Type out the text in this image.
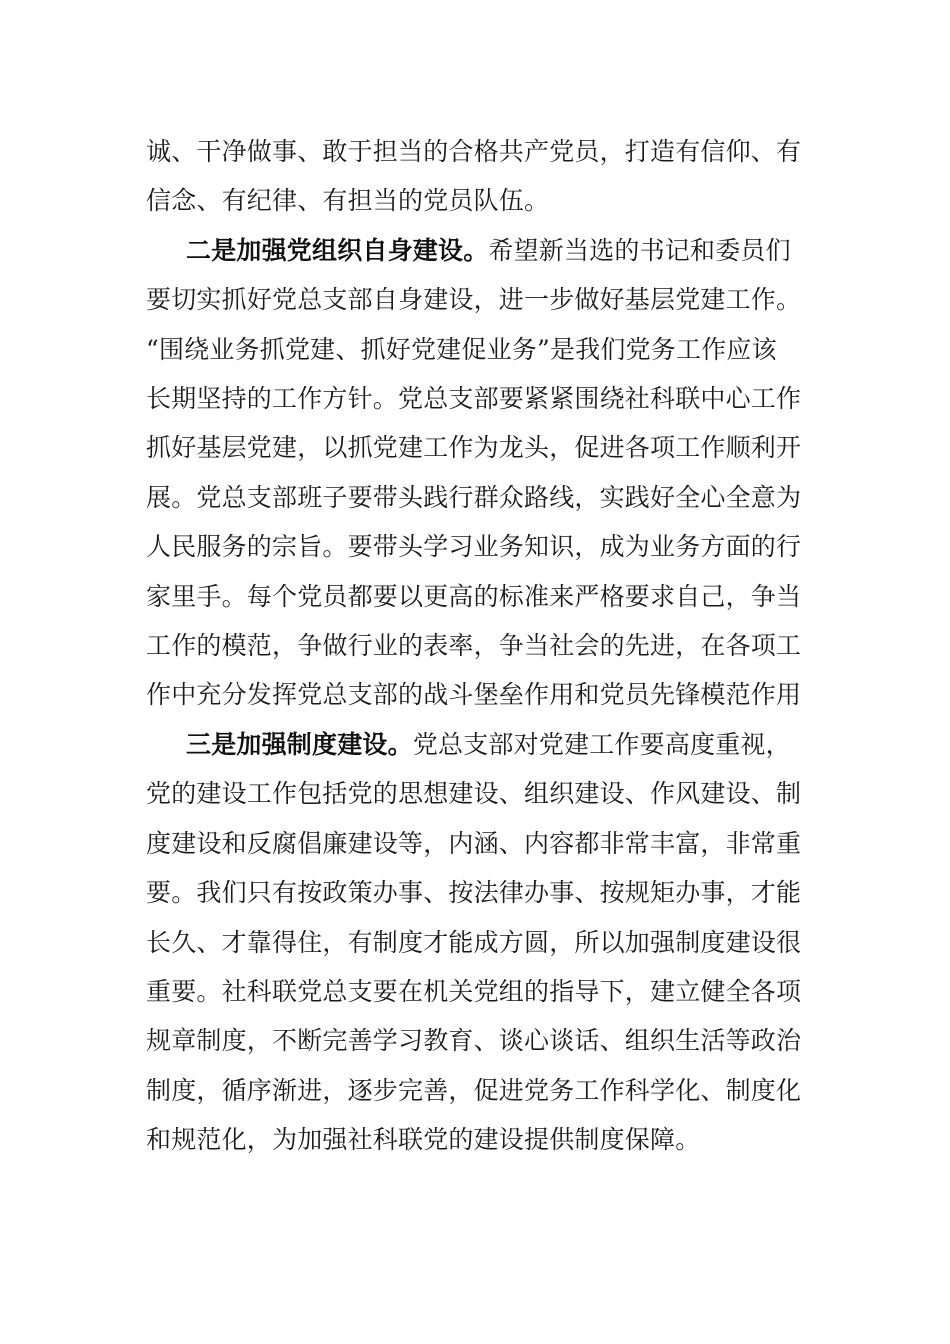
诚、干净做事、敢于担当的合格共产党员，打造有信仰、有
信念、有纪律、有担当的党员队伍。
二是加强党组织自身建设。希望新当选的书记和委员们
要切实抓好党总支部自身建设，进一步做好基层党建工作。
“围绕业务抓党建、抓好党建促业务”是我们党务工作应该
长期坚持的工作方针。党总支部要紧紧围绕社科联中心工作
抓好基层党建，以抓党建工作为龙头，促进各项工作顺利开
展。党总支部班子要带头践行群众路线，实践好全心全意为
人民服务的宗旨。要带头学习业务知识，成为业务方面的行
家里手。每个党员都要以更高的标准来严格要求自己，争当
工作的模范，争做行业的表率，争当社会的先进，在各项工
作中充分发挥党总支部的战斗堡垒作用和党员先锋模范作用
三是加强制度建设。党总支部对党建工作要高度重视，
党的建设工作包括党的思想建设、组织建设、作风建设、制
度建设和反腐倡廉建设等，内涵、内容都非常丰富，非常重
要。我们只有按政策办事、按法律办事、按规矩办事，才能
长久、才靠得住，有制度才能成方圆，所以加强制度建设很
重要。社科联党总支要在机关党组的指导下，建立健全各项
规章制度，不断完善学习教育、谈心谈话、组织生活等政治
制度，循序渐进，逐步完善，促进党务工作科学化、制度化
和规范化，为加强社科联党的建设提供制度保障。
